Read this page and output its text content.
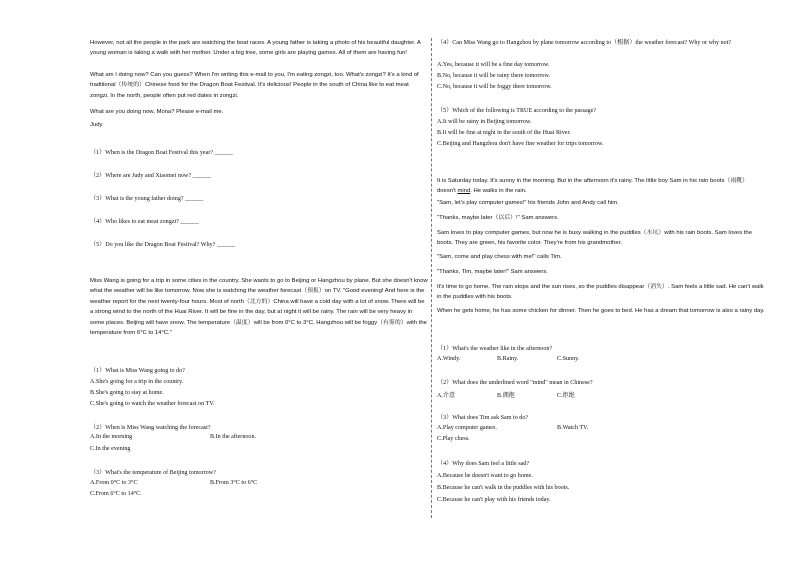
However, not all the people in the park are watching the boat races. A young father is taking a photo of his beautiful daughter. A young woman is taking a walk with her mother. Under a big tree, some girls are playing games. All of them are having fun!

What am I doing now? Can you guess? When I'm writing this e-mail to you, I'm eating zongzi, too. What's zongzi? It's a kind of traditional（传统的）Chinese food for the Dragon Boat Festival. It's delicious! People in the south of China like to eat meat zongzi. In the north, people often put red dates in zongzi.

What are you doing now, Mona? Please e-mail me.

Judy

（1）When is the Dragon Boat Festival this year? ______

（2）Where are Judy and Xiaomei now? ______

（3）What is the young father doing? ______

（4）Who likes to eat meat zongzi? ______

（5）Do you like the Dragon Boat Festival? Why? ______

Miss Wang is going for a trip in some cities in the country. She wants to go to Beijing or Hangzhou by plane. But she doesn't know what the weather will be like tomorrow. Now she is watching the weather forecast（预报）on TV. "Good evening! And here is the weather report for the next twenty-four hours. Most of north（北方的）China will have a cold day with a lot of snow. There will be a strong wind to the north of the Huai River. It will be fine in the day, but at night it will be rainy. The rain will be very heavy in some places. Beijing will have snow. The temperature（温度）will be from 0°C to 3°C. Hangzhou will be foggy（有雾的）with the temperature from 6°C to 14°C."

（1）What is Miss Wang going to do?

A.She's going for a trip in the country.

B.She's going to stay at home.

C.She's going to watch the weather forecast on TV.

（2）When is Miss Wang watching the forecast?

A.In the morning	B.In the afternoon.

C.In the evening

（3）What's the temperature of Beijing tomorrow?

A.From 0°C to 3°C	B.From 3°C to 6°C

C.From 6°C to 14°C.

（4）Can Miss Wang go to Hangzhou by plane tomorrow according to（根据）the weather forecast? Why or why not?

A.Yes, because it will be a fine day tomorrow.

B.No, because it will be rainy there tomorrow.

C.No, because it will be foggy there tomorrow.

（5）Which of the following is TRUE according to the passage?

A.It will be rainy in Beijing tomorrow.

B.It will be fine at night in the south of the Huai River.

C.Beijing and Hangzhou don't have fine weather for trips tomorrow.

It is Saturday today. It's sunny in the morning. But in the afternoon it's rainy. The little boy Sam in his rain boots（雨靴）doesn't mind. He walks in the rain.

"Sam, let's play computer games!" his friends John and Andy call him.

"Thanks, maybe later（以后）!" Sam answers.

Sam loves to play computer games, but now he is busy walking in the puddles（水坑）with his rain boots. Sam loves the boots. They are green, his favorite color. They're from his grandmother.

"Sam, come and play chess with me!" calls Tim.

"Thanks, Tim, maybe later!" Sam answers.

It's time to go home. The rain stops and the sun rises, so the puddles disappear（消失）. Sam feels a little sad. He can't walk in the puddles with his boots.

When he gets home, he has some chicken for dinner. Then he goes to bed. He has a dream that tomorrow is also a rainy day.

（1）What's the weather like in the afternoon?

A.Windy.	B.Rainy.	C.Sunny.

（2）What does the underlined word "mind" mean in Chinese?

A.介意	B.拥抱	C.拒绝

（3）What does Tim ask Sam to do?

A.Play computer games.	B.Watch TV.

C.Play chess.

（4）Why does Sam feel a little sad?

A.Because he doesn't want to go home.

B.Because he can't walk in the puddles with his boots.

C.Because he can't play with his friends today.
